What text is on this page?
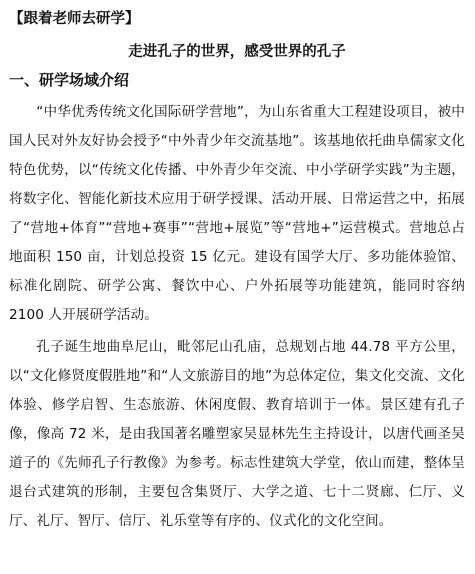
【跟着老师去研学】
走进孔子的世界，感受世界的孔子
一、研学场域介绍

“中华优秀传统文化国际研学营地”，为山东省重大工程建设项目，被中国人民对外友好协会授予“中外青少年交流基地”。该基地依托曲阜儒家文化特色优势，以“传统文化传播、中外青少年交流、中小学研学实践”为主题，将数字化、智能化新技术应用于研学授课、活动开展、日常运营之中，拓展了“营地+体育”“营地+赛事”“营地+展览”等“营地+”运营模式。营地总占地面积 150 亩，计划总投资 15 亿元。建设有国学大厅、多功能体验馆、标准化剧院、研学公寓、餐饮中心、户外拓展等功能建筑，能同时容纳 2100 人开展研学活动。

孔子诞生地曲阜尼山，毗邻尼山孔庙，总规划占地 44.78 平方公里，以“文化修贤度假胜地”和“人文旅游目的地”为总体定位，集文化交流、文化体验、修学启智、生态旅游、休闲度假、教育培训于一体。景区建有孔子像，像高 72 米，是由我国著名雕塑家吴显林先生主持设计，以唐代画圣吴道子的《先师孔子行教像》为参考。标志性建筑大学堂，依山而建，整体呈退台式建筑的形制，主要包含集贤厅、大学之道、七十二贤廊、仁厅、义厅、礼厅、智厅、信厅、礼乐堂等有序的、仪式化的文化空间。
